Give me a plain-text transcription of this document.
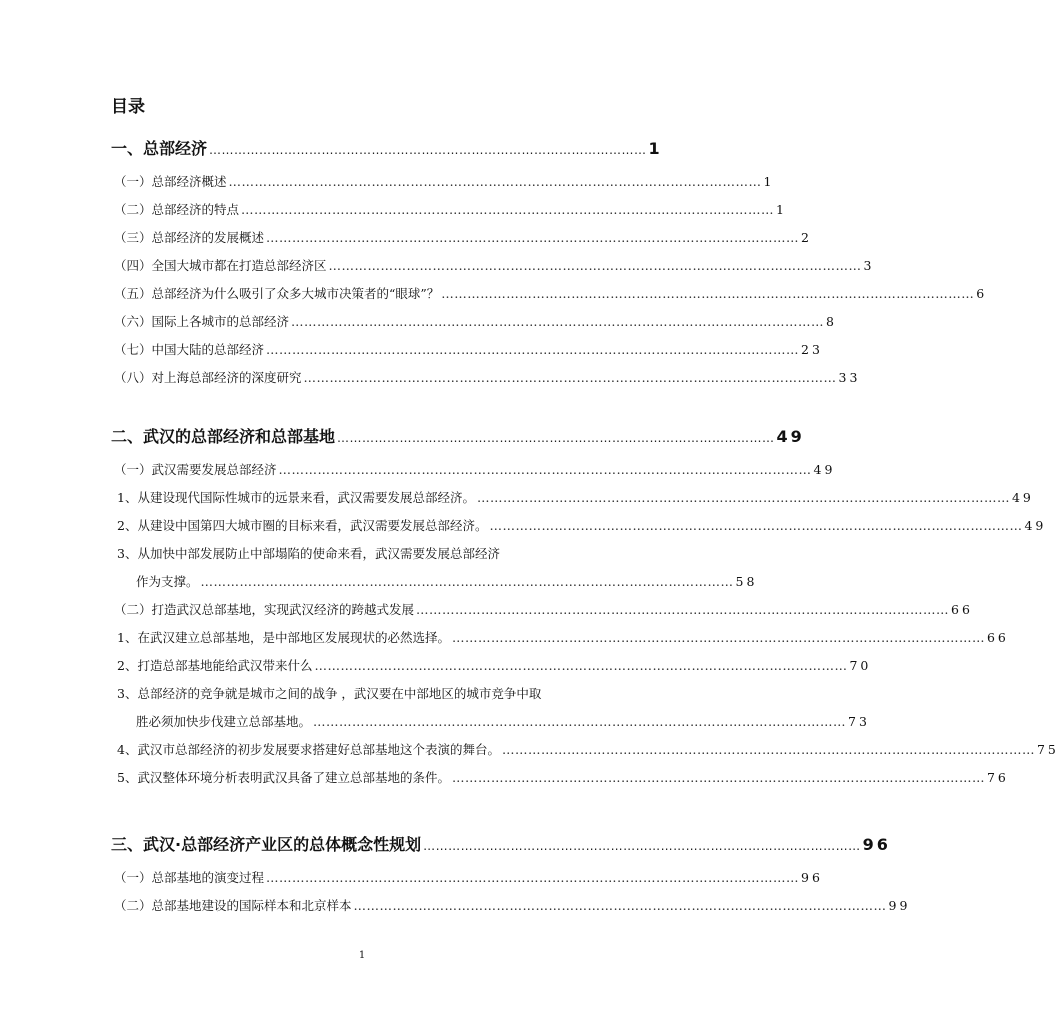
目录
一、总部经济 …………………………………………………………………………………………… 1
（一）总部经济概述 …………………………………………………………………………………………………………… 1
（二）总部经济的特点 …………………………………………………………………………………………………………… 1
（三）总部经济的发展概述 …………………………………………………………………………………………………………… 2
（四）全国大城市都在打造总部经济区 …………………………………………………………………………………………………………… 3
（五）总部经济为什么吸引了众多大城市决策者的“眼球”？ …………………………………………………………………………………………………………… 6
（六）国际上各城市的总部经济 …………………………………………………………………………………………………………… 8
（七）中国大陆的总部经济 …………………………………………………………………………………………………………… 23
（八）对上海总部经济的深度研究 …………………………………………………………………………………………………………… 33
二、武汉的总部经济和总部基地 …………………………………………………………………………………………… 49
（一）武汉需要发展总部经济 …………………………………………………………………………………………………………… 49
1、从建设现代国际性城市的远景来看，武汉需要发展总部经济。 …………………………………………………………………………………………………………… 49
2、从建设中国第四大城市圈的目标来看，武汉需要发展总部经济。 …………………………………………………………………………………………………………… 49
3、从加快中部发展防止中部塌陷的使命来看，武汉需要发展总部经济
作为支撑。 …………………………………………………………………………………………………………… 58
（二）打造武汉总部基地，实现武汉经济的跨越式发展 …………………………………………………………………………………………………………… 66
1、在武汉建立总部基地，是中部地区发展现状的必然选择。 …………………………………………………………………………………………………………… 66
2、打造总部基地能给武汉带来什么 …………………………………………………………………………………………………………… 70
3、总部经济的竞争就是城市之间的战争 ，武汉要在中部地区的城市竞争中取
胜必须加快步伐建立总部基地。 …………………………………………………………………………………………………………… 73
4、武汉市总部经济的初步发展要求搭建好总部基地这个表演的舞台。 …………………………………………………………………………………………………………… 75
5、武汉整体环境分析表明武汉具备了建立总部基地的条件。 …………………………………………………………………………………………………………… 76
三、武汉·总部经济产业区的总体概念性规划 …………………………………………………………………………………………… 96
（一）总部基地的演变过程 …………………………………………………………………………………………………………… 96
（二）总部基地建设的国际样本和北京样本 …………………………………………………………………………………………………………… 99
1
